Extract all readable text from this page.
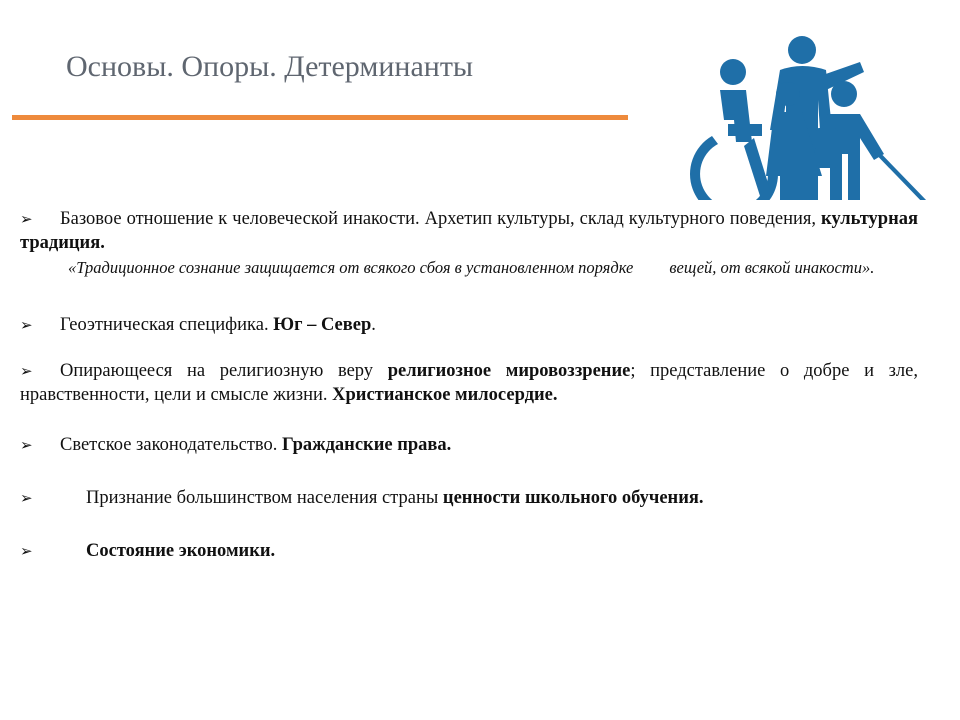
Основы. Опоры. Детерминанты

➢ Базовое отношение к человеческой инакости. Архетип культуры, склад культурного поведения, культурная традиция.

«Традиционное сознание защищается от всякого сбоя в установленном порядке вещей, от всякой инакости».

➢ Геоэтническая специфика. Юг – Север.

➢ Опирающееся на религиозную веру религиозное мировоззрение; представление о добре и зле, нравственности, цели и смысле жизни. Христианское милосердие.

➢ Светское законодательство. Гражданские права.

➢	Признание большинством населения страны ценности школьного обучения.

➢	Состояние экономики.
